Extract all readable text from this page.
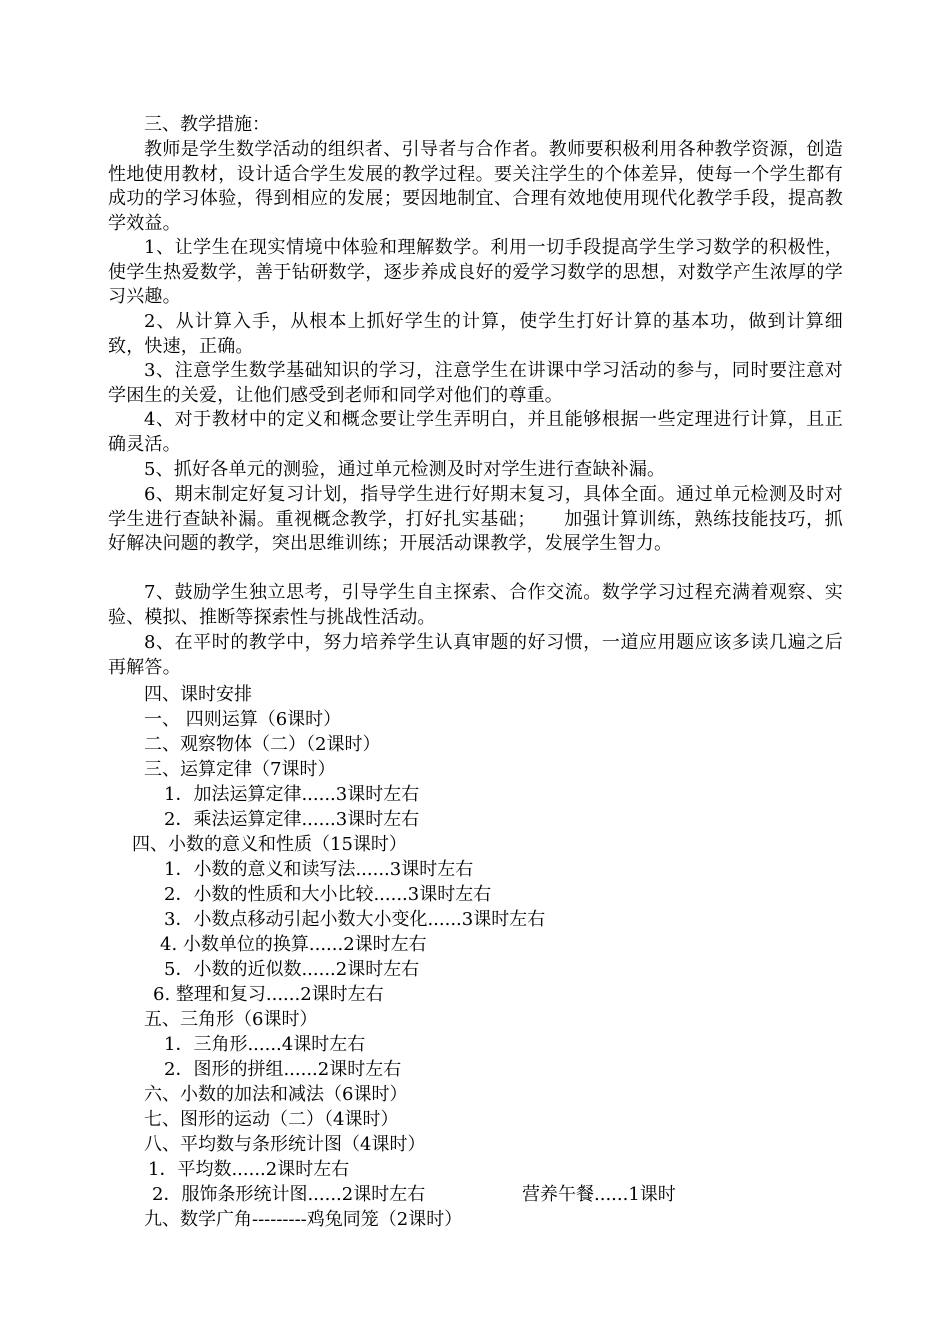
三、教学措施：

教师是学生数学活动的组织者、引导者与合作者。教师要积极利用各种教学资源，创造性地使用教材，设计适合学生发展的教学过程。要关注学生的个体差异，使每一个学生都有成功的学习体验，得到相应的发展；要因地制宜、合理有效地使用现代化教学手段，提高教学效益。

1、让学生在现实情境中体验和理解数学。利用一切手段提高学生学习数学的积极性，使学生热爱数学，善于钻研数学，逐步养成良好的爱学习数学的思想，对数学产生浓厚的学习兴趣。

2、从计算入手，从根本上抓好学生的计算，使学生打好计算的基本功，做到计算细致，快速，正确。

3、注意学生数学基础知识的学习，注意学生在讲课中学习活动的参与，同时要注意对学困生的关爱，让他们感受到老师和同学对他们的尊重。

4、对于教材中的定义和概念要让学生弄明白，并且能够根据一些定理进行计算，且正确灵活。

5、抓好各单元的测验，通过单元检测及时对学生进行查缺补漏。

6、期末制定好复习计划，指导学生进行好期末复习，具体全面。通过单元检测及时对学生进行查缺补漏。重视概念教学，打好扎实基础；　　加强计算训练，熟练技能技巧，抓好解决问题的教学，突出思维训练；开展活动课教学，发展学生智力。

7、鼓励学生独立思考，引导学生自主探索、合作交流。数学学习过程充满着观察、实验、模拟、推断等探索性与挑战性活动。

8、在平时的教学中，努力培养学生认真审题的好习惯，一道应用题应该多读几遍之后再解答。

四、课时安排

一、 四则运算（6课时）

二、观察物体（二）（2课时）

三、运算定律（7课时）

1．加法运算定律......3课时左右

2．乘法运算定律......3课时左右

四、小数的意义和性质（15课时）

1．小数的意义和读写法......3课时左右

2．小数的性质和大小比较......3课时左右

3．小数点移动引起小数大小变化......3课时左右

4. 小数单位的换算......2课时左右

5．小数的近似数......2课时左右

6. 整理和复习......2课时左右

五、三角形（6课时）

1．三角形......4课时左右

2．图形的拼组......2课时左右

六、小数的加法和减法（6课时）

七、图形的运动（二）（4课时）

八、平均数与条形统计图（4课时）

1．平均数......2课时左右

2．服饰条形统计图......2课时左右	营养午餐......1课时

九、数学广角---------鸡兔同笼（2课时）
